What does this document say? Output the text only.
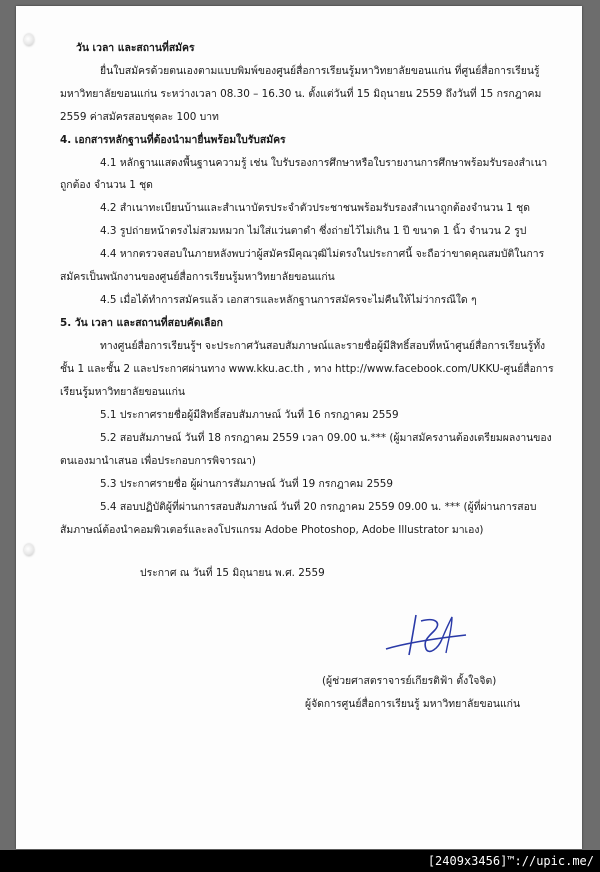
วัน เวลา และสถานที่สมัคร
ยื่นใบสมัครด้วยตนเองตามแบบพิมพ์ของศูนย์สื่อการเรียนรู้มหาวิทยาลัยขอนแก่น ที่ศูนย์สื่อการเรียนรู้
มหาวิทยาลัยขอนแก่น ระหว่างเวลา 08.30 – 16.30 น. ตั้งแต่วันที่ 15 มิถุนายน 2559 ถึงวันที่ 15 กรกฎาคม
2559 ค่าสมัครสอบชุดละ 100 บาท
4. เอกสารหลักฐานที่ต้องนำมายื่นพร้อมใบรับสมัคร
4.1 หลักฐานแสดงพื้นฐานความรู้ เช่น ใบรับรองการศึกษาหรือใบรายงานการศึกษาพร้อมรับรองสำเนา
ถูกต้อง จำนวน 1 ชุด
4.2 สำเนาทะเบียนบ้านและสำเนาบัตรประจำตัวประชาชนพร้อมรับรองสำเนาถูกต้องจำนวน 1 ชุด
4.3 รูปถ่ายหน้าตรงไม่สวมหมวก ไม่ใส่แว่นตาดำ ซึ่งถ่ายไว้ไม่เกิน 1 ปี ขนาด 1 นิ้ว จำนวน 2 รูป
4.4 หากตรวจสอบในภายหลังพบว่าผู้สมัครมีคุณวุฒิไม่ตรงในประกาศนี้ จะถือว่าขาดคุณสมบัติในการ
สมัครเป็นพนักงานของศูนย์สื่อการเรียนรู้มหาวิทยาลัยขอนแก่น
4.5 เมื่อได้ทำการสมัครแล้ว เอกสารและหลักฐานการสมัครจะไม่คืนให้ไม่ว่ากรณีใด ๆ
5. วัน เวลา และสถานที่สอบคัดเลือก
ทางศูนย์สื่อการเรียนรู้ฯ จะประกาศวันสอบสัมภาษณ์และรายชื่อผู้มีสิทธิ์สอบที่หน้าศูนย์สื่อการเรียนรู้ทั้ง
ชั้น 1 และชั้น 2 และประกาศผ่านทาง www.kku.ac.th , ทาง http://www.facebook.com/UKKU-ศูนย์สื่อการ
เรียนรู้มหาวิทยาลัยขอนแก่น
5.1 ประกาศรายชื่อผู้มีสิทธิ์สอบสัมภาษณ์ วันที่ 16 กรกฎาคม 2559
5.2 สอบสัมภาษณ์ วันที่ 18 กรกฎาคม 2559 เวลา 09.00 น.*** (ผู้มาสมัครงานต้องเตรียมผลงานของ
ตนเองมานำเสนอ เพื่อประกอบการพิจารณา)
5.3 ประกาศรายชื่อ ผู้ผ่านการสัมภาษณ์ วันที่ 19 กรกฎาคม 2559
5.4 สอบปฏิบัติผู้ที่ผ่านการสอบสัมภาษณ์ วันที่ 20 กรกฎาคม 2559 09.00 น. *** (ผู้ที่ผ่านการสอบ
สัมภาษณ์ต้องนำคอมพิวเตอร์และลงโปรแกรม Adobe Photoshop, Adobe Illustrator มาเอง)
ประกาศ ณ วันที่ 15 มิถุนายน พ.ศ. 2559
(ผู้ช่วยศาสตราจารย์เกียรติฟ้า ตั้งใจจิต)
ผู้จัดการศูนย์สื่อการเรียนรู้ มหาวิทยาลัยขอนแก่น
[2409x3456]™://upic.me/
